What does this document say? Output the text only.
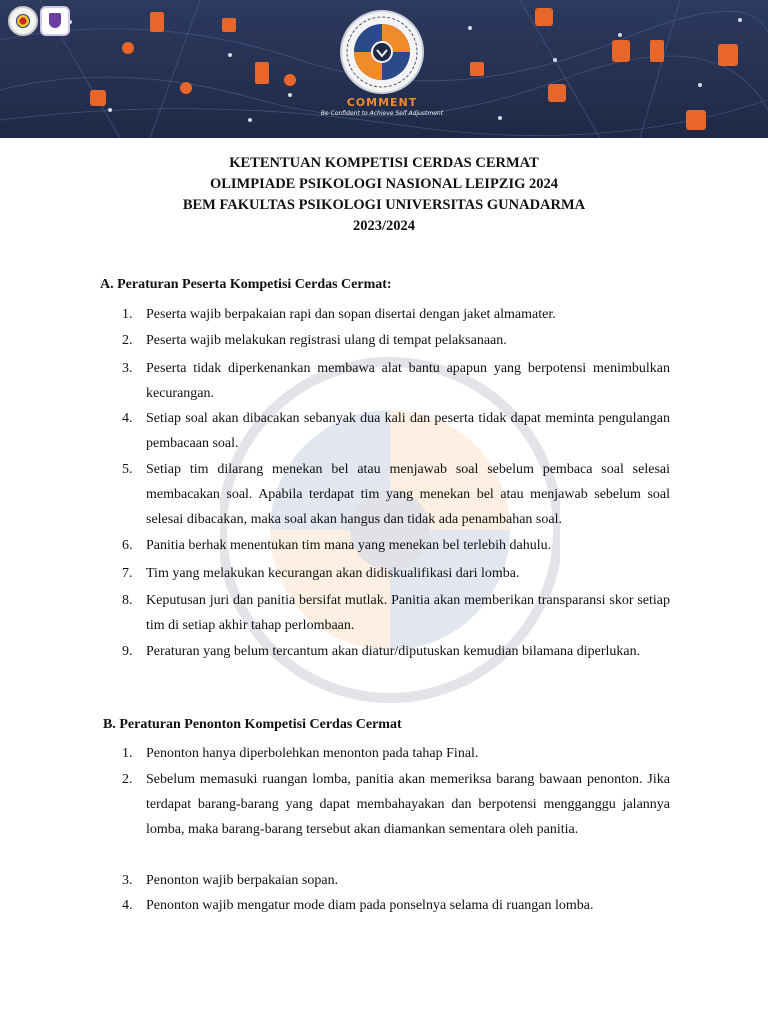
COMMENT
Be Confident to Achieve Self Adjustment
KETENTUAN KOMPETISI CERDAS CERMAT
OLIMPIADE PSIKOLOGI NASIONAL LEIPZIG 2024
BEM FAKULTAS PSIKOLOGI UNIVERSITAS GUNADARMA
2023/2024
A. Peraturan Peserta Kompetisi Cerdas Cermat:
1. Peserta wajib berpakaian rapi dan sopan disertai dengan jaket almamater.
2. Peserta wajib melakukan registrasi ulang di tempat pelaksanaan.
3. Peserta tidak diperkenankan membawa alat bantu apapun yang berpotensi menimbulkan kecurangan.
4. Setiap soal akan dibacakan sebanyak dua kali dan peserta tidak dapat meminta pengulangan pembacaan soal.
5. Setiap tim dilarang menekan bel atau menjawab soal sebelum pembaca soal selesai membacakan soal. Apabila terdapat tim yang menekan bel atau menjawab sebelum soal selesai dibacakan, maka soal akan hangus dan tidak ada penambahan soal.
6. Panitia berhak menentukan tim mana yang menekan bel terlebih dahulu.
7. Tim yang melakukan kecurangan akan didiskualifikasi dari lomba.
8. Keputusan juri dan panitia bersifat mutlak. Panitia akan memberikan transparansi skor setiap tim di setiap akhir tahap perlombaan.
9. Peraturan yang belum tercantum akan diatur/diputuskan kemudian bilamana diperlukan.
B. Peraturan Penonton Kompetisi Cerdas Cermat
1. Penonton hanya diperbolehkan menonton pada tahap Final.
2. Sebelum memasuki ruangan lomba, panitia akan memeriksa barang bawaan penonton. Jika terdapat barang-barang yang dapat membahayakan dan berpotensi mengganggu jalannya lomba, maka barang-barang tersebut akan diamankan sementara oleh panitia.
3. Penonton wajib berpakaian sopan.
4. Penonton wajib mengatur mode diam pada ponselnya selama di ruangan lomba.
